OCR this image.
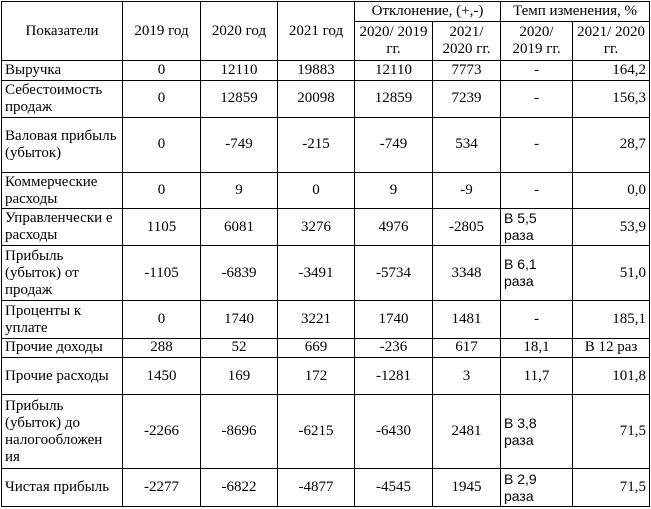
Показатели	2019 год	2020 год	2021 год	Отклонение, (+,-)		Темп изменения, %	
				2020/ 2019 гг.	2021/ 2020 гг.	2020/ 2019 гг.	2021/ 2020 гг.
Выручка	0	12110	19883	12110	7773	-	164,2
Себестоимость продаж	0	12859	20098	12859	7239	-	156,3
Валовая прибыль (убыток)	0	-749	-215	-749	534	-	28,7
Коммерческие расходы	0	9	0	9	-9	-	0,0
Управленчески е расходы	1105	6081	3276	4976	-2805	В 5,5 раза	53,9
Прибыль (убыток) от продаж	-1105	-6839	-3491	-5734	3348	В 6,1 раза	51,0
Проценты к уплате	0	1740	3221	1740	1481	-	185,1
Прочие доходы	288	52	669	-236	617	18,1	В 12 раз
Прочие расходы	1450	169	172	-1281	3	11,7	101,8
Прибыль (убыток) до налогообложен ия	-2266	-8696	-6215	-6430	2481	В 3,8 раза	71,5
Чистая прибыль	-2277	-6822	-4877	-4545	1945	В 2,9 раза	71,5
